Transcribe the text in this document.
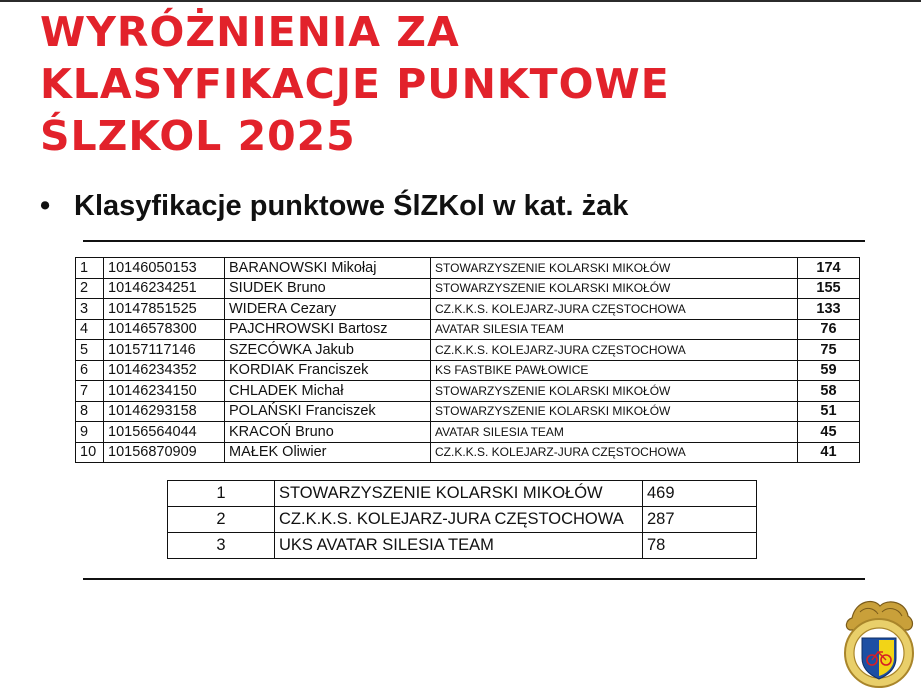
WYRÓŻNIENIA ZA
KLASYFIKACJE PUNKTOWE
ŚLZKOL 2025
• Klasyfikacje punktowe ŚlZKol w kat. żak
1	10146050153	BARANOWSKI Mikołaj	STOWARZYSZENIE KOLARSKI MIKOŁÓW	174
2	10146234251	SIUDEK Bruno	STOWARZYSZENIE KOLARSKI MIKOŁÓW	155
3	10147851525	WIDERA Cezary	CZ.K.K.S. KOLEJARZ-JURA CZĘSTOCHOWA	133
4	10146578300	PAJCHROWSKI Bartosz	AVATAR SILESIA TEAM	76
5	10157117146	SZECÓWKA Jakub	CZ.K.K.S. KOLEJARZ-JURA CZĘSTOCHOWA	75
6	10146234352	KORDIAK Franciszek	KS FASTBIKE PAWŁOWICE	59
7	10146234150	CHLADEK Michał	STOWARZYSZENIE KOLARSKI MIKOŁÓW	58
8	10146293158	POLAŃSKI Franciszek	STOWARZYSZENIE KOLARSKI MIKOŁÓW	51
9	10156564044	KRACOŃ Bruno	AVATAR SILESIA TEAM	45
10	10156870909	MAŁEK Oliwier	CZ.K.K.S. KOLEJARZ-JURA CZĘSTOCHOWA	41
1	STOWARZYSZENIE KOLARSKI MIKOŁÓW	469
2	CZ.K.K.S. KOLEJARZ-JURA CZĘSTOCHOWA	287
3	UKS AVATAR SILESIA TEAM	78
